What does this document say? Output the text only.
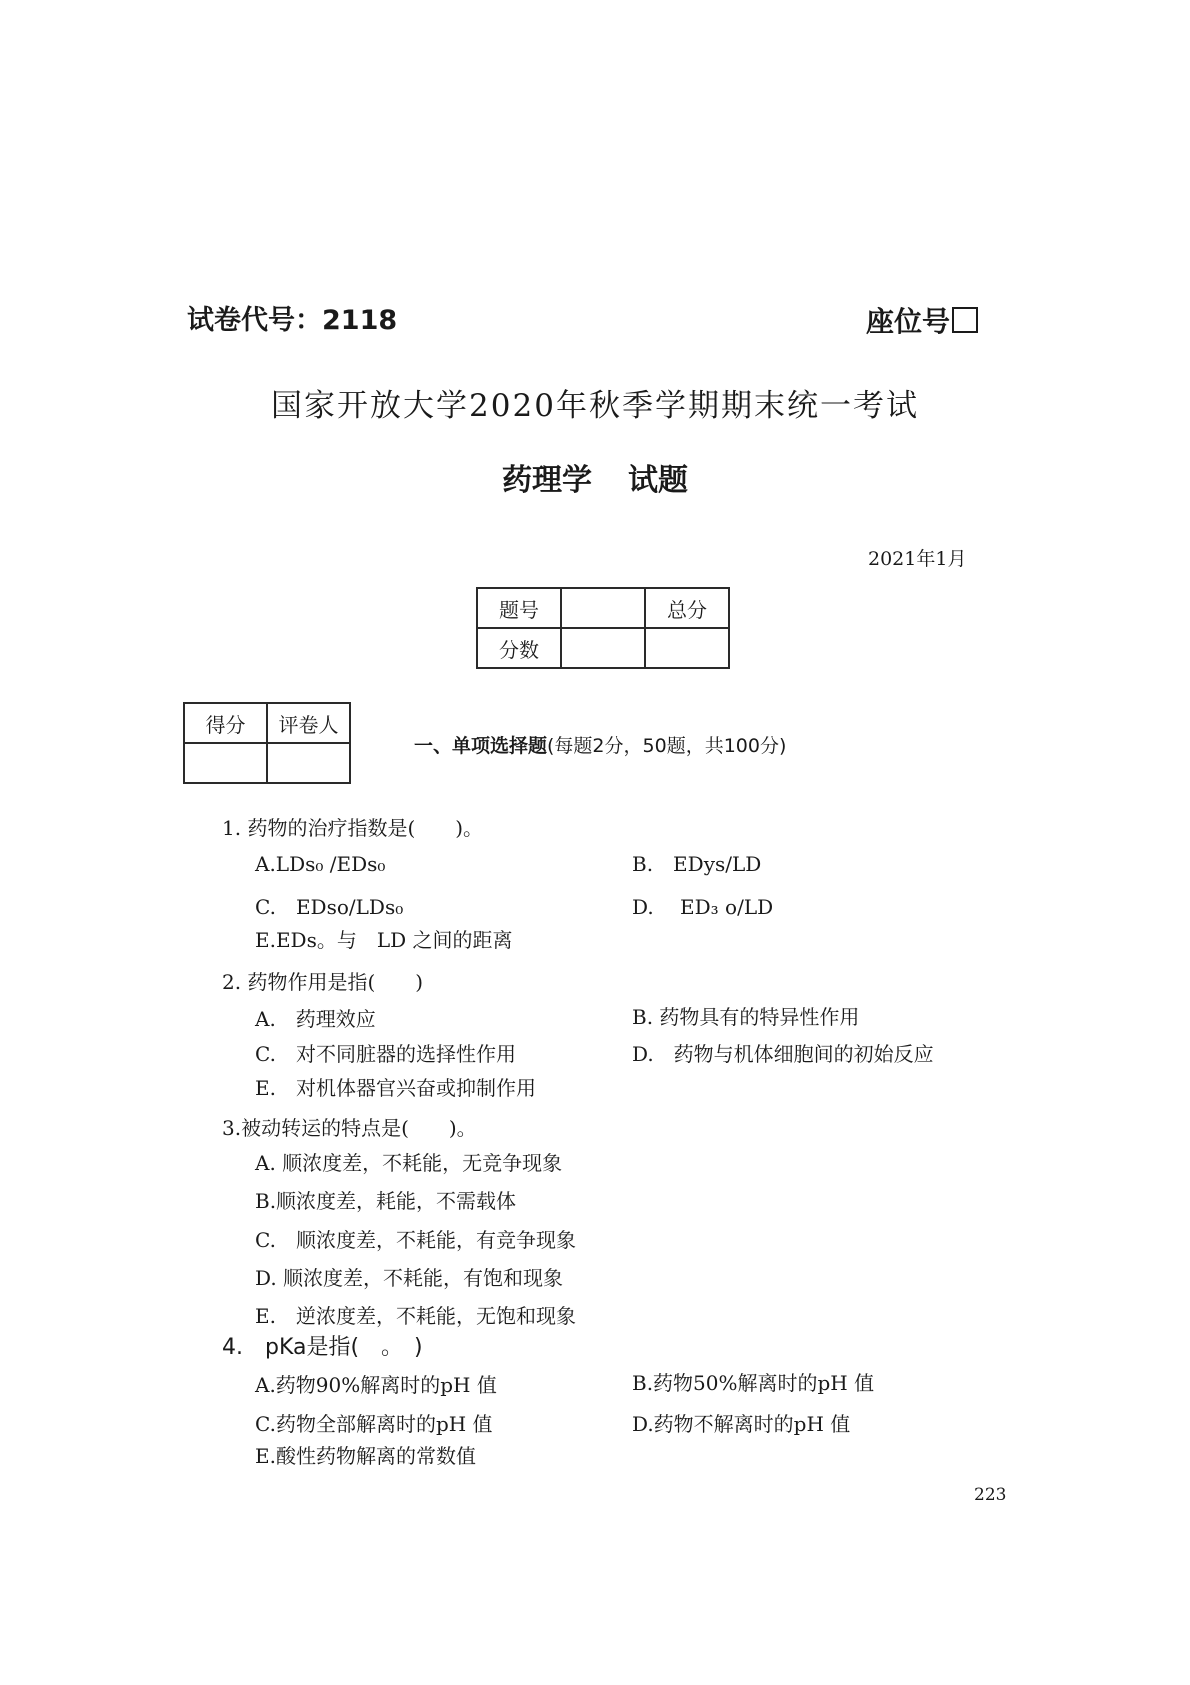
试卷代号：2118	座位号
国家开放大学2020年秋季学期期末统一考试
药理学 试题
2021年1月
题号		总分
分数		
得分	评卷人

一、单项选择题(每题2分，50题，共100分)
1. 药物的治疗指数是(　　)。
A.LDs₀ /EDs₀	B.　EDys/LD
C.　EDso/LDs₀	D.　 ED₃ o/LD
E.EDs。与　LD 之间的距离
2. 药物作用是指(　　)
A.　药理效应	B. 药物具有的特异性作用
C.　对不同脏器的选择性作用	D.　药物与机体细胞间的初始反应
E.　对机体器官兴奋或抑制作用
3.被动转运的特点是(　　)。
A. 顺浓度差，不耗能，无竞争现象
B.顺浓度差，耗能，不需载体
C.　顺浓度差，不耗能，有竞争现象
D. 顺浓度差，不耗能，有饱和现象
E.　逆浓度差，不耗能，无饱和现象
4.　pKa是指(　。　)
A.药物90%解离时的pH 值	B.药物50%解离时的pH 值
C.药物全部解离时的pH 值	D.药物不解离时的pH 值
E.酸性药物解离的常数值
223
